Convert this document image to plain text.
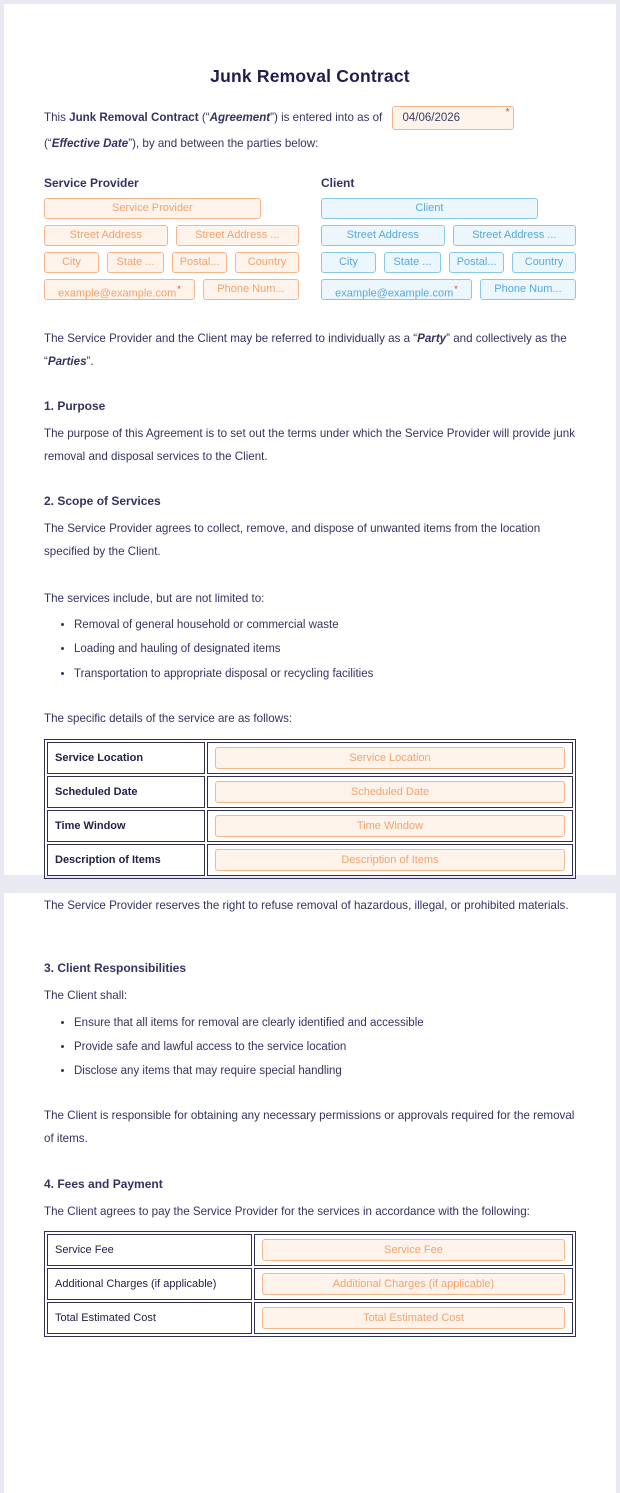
Junk Removal Contract

This Junk Removal Contract (“Agreement”) is entered into as of 04/06/2026	*
(“Effective Date”), by and between the parties below:

Service Provider
Service Provider
Street Address	Street Address ...
City	State ...	Postal...	Country
example@example.com*	Phone Num...
Client
Client
Street Address	Street Address ...
City	State ...	Postal...	Country
example@example.com*	Phone Num...

The Service Provider and the Client may be referred to individually as a “Party” and collectively as the “Parties”.

1. Purpose

The purpose of this Agreement is to set out the terms under which the Service Provider will provide junk removal and disposal services to the Client.

2. Scope of Services

The Service Provider agrees to collect, remove, and dispose of unwanted items from the location specified by the Client.

The services include, but are not limited to:

• Removal of general household or commercial waste
• Loading and hauling of designated items
• Transportation to appropriate disposal or recycling facilities

The specific details of the service are as follows:

Service Location	Service Location

Scheduled Date	Scheduled Date

Time Window	Time Window

Description of Items	Description of Items

The Service Provider reserves the right to refuse removal of hazardous, illegal, or prohibited materials.

3. Client Responsibilities

The Client shall:

• Ensure that all items for removal are clearly identified and accessible
• Provide safe and lawful access to the service location
• Disclose any items that may require special handling

The Client is responsible for obtaining any necessary permissions or approvals required for the removal of items.

4. Fees and Payment

The Client agrees to pay the Service Provider for the services in accordance with the following:

Service Fee	Service Fee

Additional Charges (if applicable)	Additional Charges (if applicable)

Total Estimated Cost	Total Estimated Cost
